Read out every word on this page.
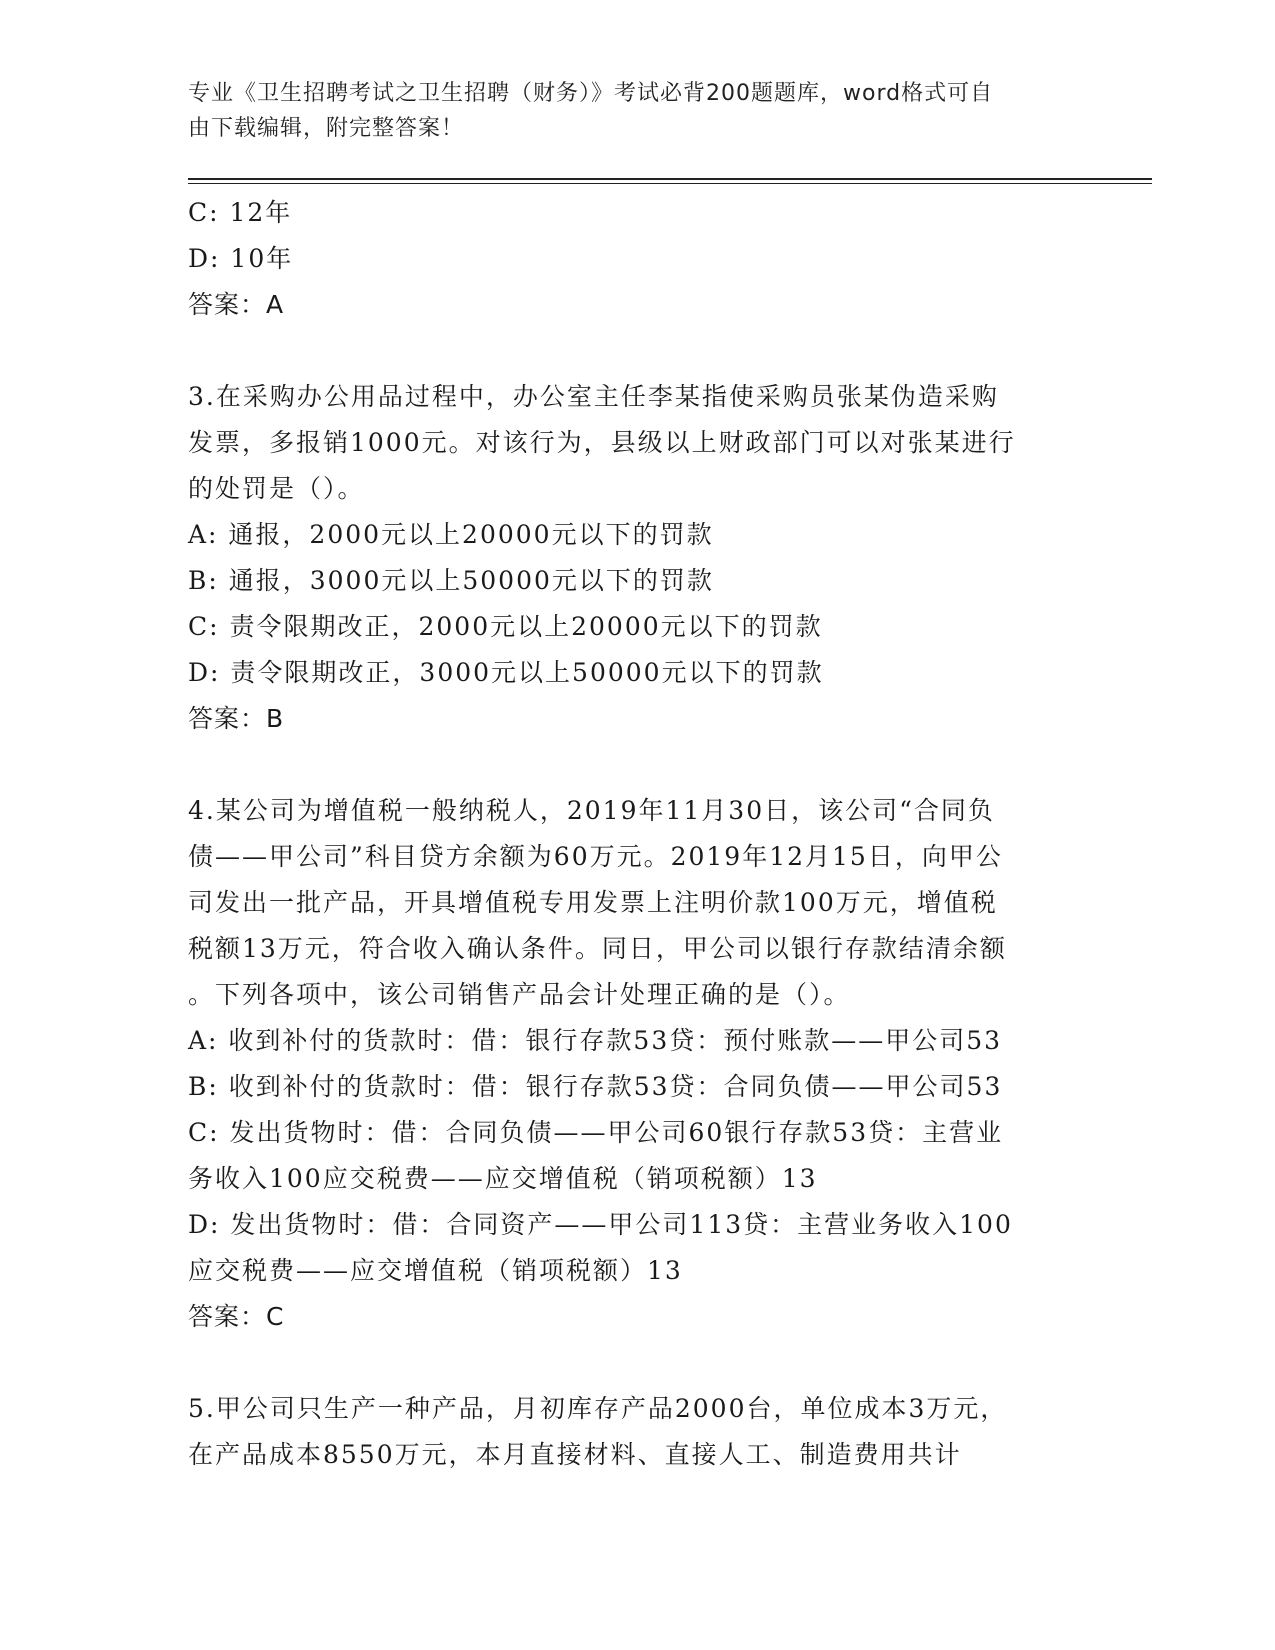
专业《卫生招聘考试之卫生招聘（财务）》考试必背200题题库，word格式可自
由下载编辑，附完整答案！
C: 12年
D: 10年
答案：A
3.在采购办公用品过程中，办公室主任李某指使采购员张某伪造采购
发票，多报销1000元。对该行为，县级以上财政部门可以对张某进行
的处罚是（）。
A: 通报，2000元以上20000元以下的罚款
B: 通报，3000元以上50000元以下的罚款
C: 责令限期改正，2000元以上20000元以下的罚款
D: 责令限期改正，3000元以上50000元以下的罚款
答案：B
4.某公司为增值税一般纳税人，2019年11月30日，该公司“合同负
债——甲公司”科目贷方余额为60万元。2019年12月15日，向甲公
司发出一批产品，开具增值税专用发票上注明价款100万元，增值税
税额13万元，符合收入确认条件。同日，甲公司以银行存款结清余额
。下列各项中，该公司销售产品会计处理正确的是（）。
A: 收到补付的货款时：借：银行存款53贷：预付账款——甲公司53
B: 收到补付的货款时：借：银行存款53贷：合同负债——甲公司53
C: 发出货物时：借：合同负债——甲公司60银行存款53贷：主营业
务收入100应交税费——应交增值税（销项税额）13
D: 发出货物时：借：合同资产——甲公司113贷：主营业务收入100
应交税费——应交增值税（销项税额）13
答案：C
5.甲公司只生产一种产品，月初库存产品2000台，单位成本3万元，
在产品成本8550万元，本月直接材料、直接人工、制造费用共计
